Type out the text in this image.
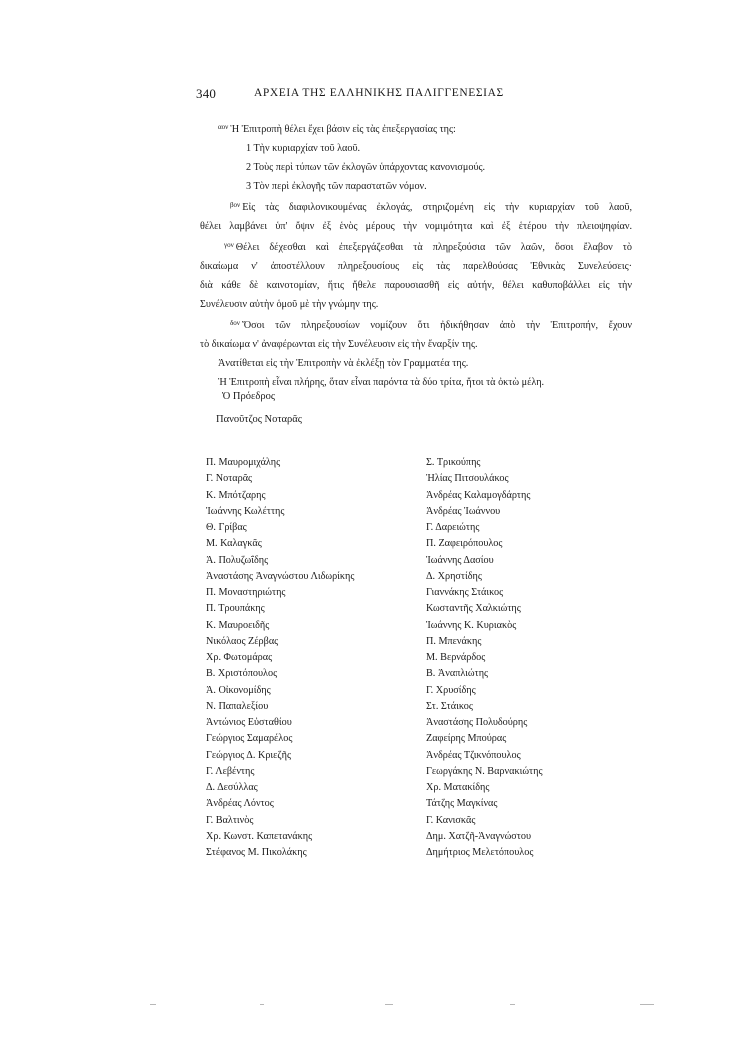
340	ΑΡΧΕΙΑ ΤΗΣ ΕΛΛΗΝΙΚΗΣ ΠΑΛΙΓΓΕΝΕΣΙΑΣ
$^{\alpha o\nu}$ Ἡ Ἐπιτροπὴ θέλει ἔχει βάσιν εἰς τὰς ἐπεξεργασίας της:
1 Τὴν κυριαρχίαν τοῦ λαοῦ.
2 Τοὺς περὶ τύπων τῶν ἐκλογῶν ὑπάρχοντας κανονισμούς.
3 Τὸν περὶ ἐκλογῆς τῶν παραστατῶν νόμον.
$^{\beta o\nu}$ Εἰς τὰς διαφιλονικουμένας ἐκλογάς, στηριζομένη εἰς τὴν κυριαρχίαν τοῦ λαοῦ,
θέλει λαμβάνει ὑπ' ὄψιν ἐξ ἑνὸς μέρους τὴν νομιμότητα καὶ ἐξ ἑτέρου τὴν πλειοψηφίαν.
$^{\gamma o\nu}$ Θέλει δέχεσθαι καὶ ἐπεξεργάζεσθαι τὰ πληρεξούσια τῶν λαῶν, ὅσοι ἔλαβον τὸ
δικαίωμα ν' ἀποστέλλουν πληρεξουσίους εἰς τὰς παρελθούσας Ἐθνικὰς Συνελεύσεις·
διὰ κάθε δὲ καινοτομίαν, ἥτις ἤθελε παρουσιασθῆ εἰς αὐτήν, θέλει καθυποβάλλει εἰς τὴν
Συνέλευσιν αὐτὴν ὁμοῦ μὲ τὴν γνώμην της.
$^{\delta o\nu}$ Ὅσοι τῶν πληρεξουσίων νομίζουν ὅτι ἠδικήθησαν ἀπὸ τὴν Ἐπιτροπήν, ἔχουν
τὸ δικαίωμα ν' ἀναφέρωνται εἰς τὴν Συνέλευσιν εἰς τὴν ἔναρξίν της.
Ἀνατίθεται εἰς τὴν Ἐπιτροπὴν νὰ ἐκλέξῃ τὸν Γραμματέα της.
Ἡ Ἐπιτροπὴ εἶναι πλήρης, ὅταν εἶναι παρόντα τὰ δύο τρίτα, ἤτοι τὰ ὀκτὼ μέλη.
Ὁ Πρόεδρος
Πανοῦτζος Νοταρᾶς
Π. Μαυρομιχάλης
Γ. Νοταρᾶς
Κ. Μπότζαρης
Ἰωάννης Κωλέττης
Θ. Γρίβας
Μ. Καλαγκᾶς
Ἀ. Πολυζωΐδης
Ἀναστάσης Ἀναγνώστου Λιδωρίκης
Π. Μοναστηριώτης
Π. Τρουπάκης
Κ. Μαυροειδῆς
Νικόλαος Ζέρβας
Χρ. Φωτομάρας
Β. Χριστόπουλος
Ἀ. Οἰκονομίδης
Ν. Παπαλεξίου
Ἀντώνιος Εὐσταθίου
Γεώργιος Σαμαρέλος
Γεώργιος Δ. Κριεζῆς
Γ. Λεβέντης
Δ. Δεσύλλας
Ἀνδρέας Λόντος
Γ. Βαλτινὸς
Χρ. Κωνστ. Καπετανάκης
Στέφανος Μ. Πικολάκης
Σ. Τρικούπης
Ἠλίας Πιτσουλάκος
Ἀνδρέας Καλαμογδάρτης
Ἀνδρέας Ἰωάννου
Γ. Δαρειώτης
Π. Ζαφειρόπουλος
Ἰωάννης Δασίου
Δ. Χρηστίδης
Γιαννάκης Στάικος
Κωσταντῆς Χαλκιώτης
Ἰωάννης Κ. Κυριακὸς
Π. Μπενάκης
Μ. Βερνάρδος
Β. Ἀναπλιώτης
Γ. Χρυσίδης
Στ. Στάικος
Ἀναστάσης Πολυδούρης
Ζαφείρης Μπούρας
Ἀνδρέας Τζικνόπουλος
Γεωργάκης Ν. Βαρνακιώτης
Χρ. Ματακίδης
Τάτζης Μαγκίνας
Γ. Κανισκᾶς
Δημ. Χατζῆ-Ἀναγνώστου
Δημήτριος Μελετόπουλος
